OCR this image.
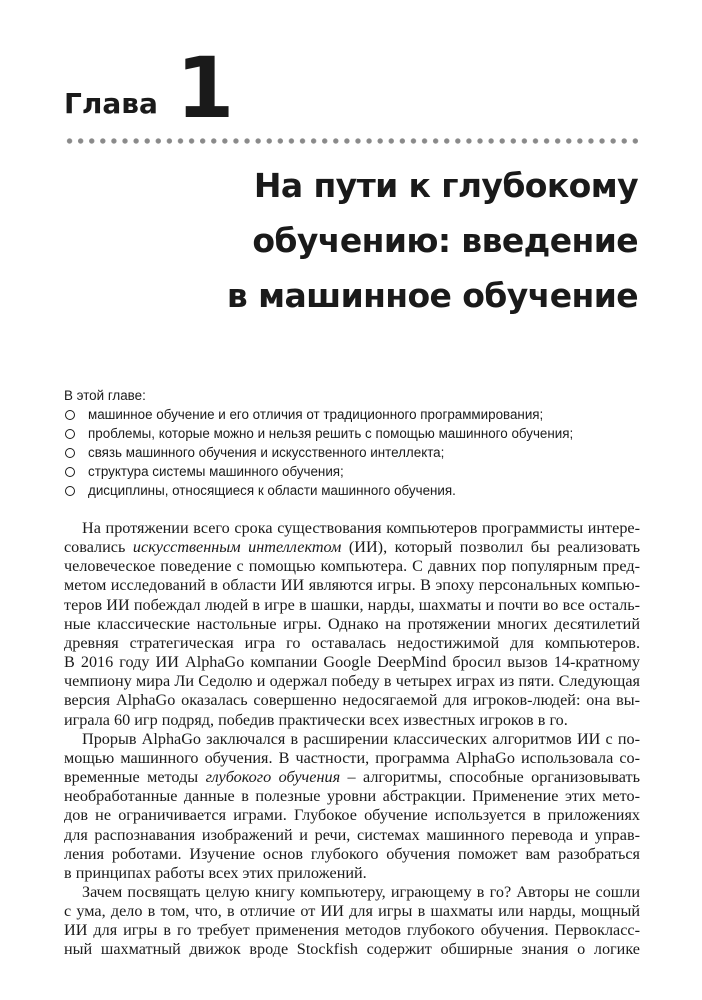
Глава 1
На пути к глубокому
обучению: введение
в машинное обучение
В этой главе:
машинное обучение и его отличия от традиционного программирования;
проблемы, которые можно и нельзя решить с помощью машинного обучения;
связь машинного обучения и искусственного интеллекта;
структура системы машинного обучения;
дисциплины, относящиеся к области машинного обучения.
На протяжении всего срока существования компьютеров программисты интере-
совались искусственным интеллектом (ИИ), который позволил бы реализовать
человеческое поведение с помощью компьютера. С давних пор популярным пред-
метом исследований в области ИИ являются игры. В эпоху персональных компью-
теров ИИ побеждал людей в игре в шашки, нарды, шахматы и почти во все осталь-
ные классические настольные игры. Однако на протяжении многих десятилетий
древняя стратегическая игра го оставалась недостижимой для компьютеров.
В 2016 году ИИ AlphaGo компании Google DeepMind бросил вызов 14-кратному
чемпиону мира Ли Седолю и одержал победу в четырех играх из пяти. Следующая
версия AlphaGo оказалась совершенно недосягаемой для игроков-людей: она вы-
играла 60 игр подряд, победив практически всех известных игроков в го.
Прорыв AlphaGo заключался в расширении классических алгоритмов ИИ с по-
мощью машинного обучения. В частности, программа AlphaGo использовала со-
временные методы глубокого обучения – алгоритмы, способные организовывать
необработанные данные в полезные уровни абстракции. Применение этих мето-
дов не ограничивается играми. Глубокое обучение используется в приложениях
для распознавания изображений и речи, системах машинного перевода и управ-
ления роботами. Изучение основ глубокого обучения поможет вам разобраться
в принципах работы всех этих приложений.
Зачем посвящать целую книгу компьютеру, играющему в го? Авторы не сошли
с ума, дело в том, что, в отличие от ИИ для игры в шахматы или нарды, мощный
ИИ для игры в го требует применения методов глубокого обучения. Первокласс-
ный шахматный движок вроде Stockfish содержит обширные знания о логике
